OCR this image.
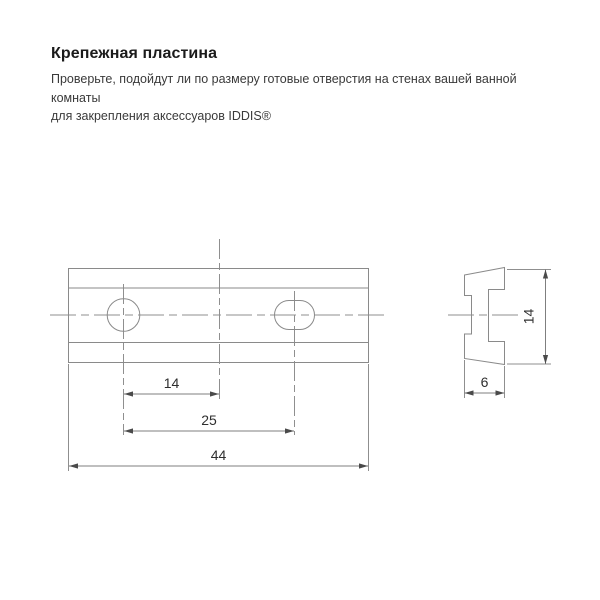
Крепежная пластина

Проверьте, подойдут ли по размеру готовые отверстия на стенах вашей ванной комнаты
для закрепления аксессуаров IDDIS®

14
25
44
14
6
